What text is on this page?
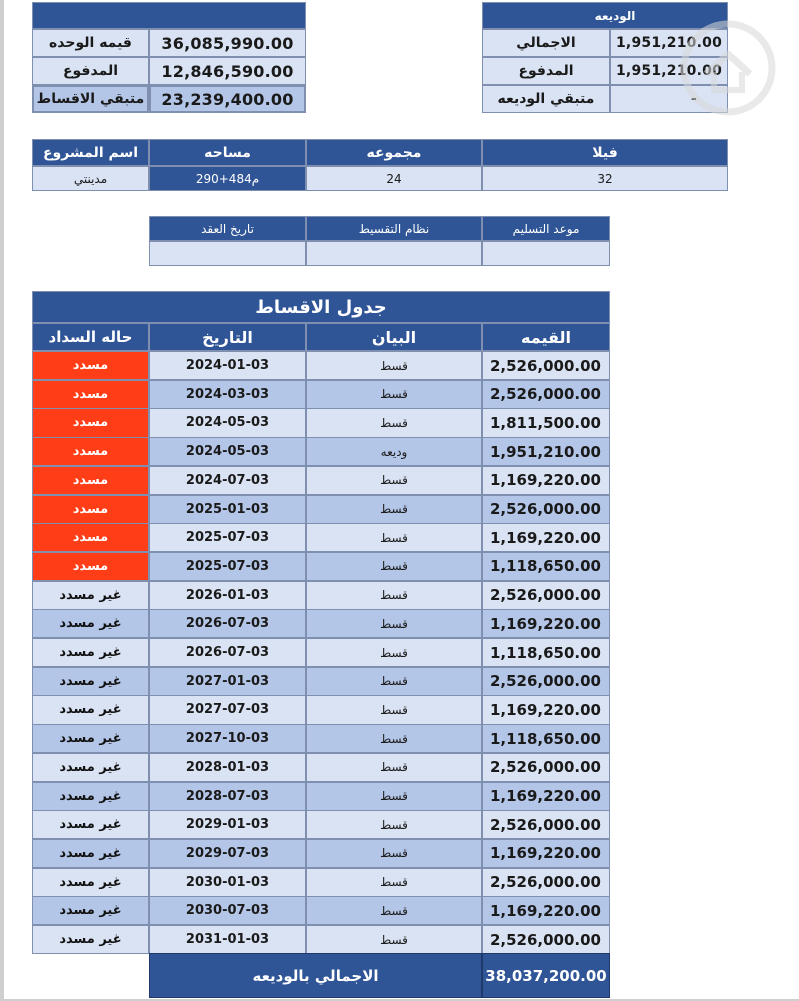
36,085,990.00
قيمه الوحده
12,846,590.00
المدفوع
23,239,400.00
متبقي الاقساط
الوديعه
1,951,210.00
الاجمالي
1,951,210.00
المدفوع
-
متبقي الوديعه
فيلا
مجموعه
مساحه
اسم المشروع
32
24
290+484م
مدينتي
موعد التسليم
نظام التقسيط
تاريخ العقد
جدول الاقساط
القيمه
البيان
التاريخ
حاله السداد
2,526,000.00
قسط
2024-01-03
مسدد
2,526,000.00
قسط
2024-03-03
مسدد
1,811,500.00
قسط
2024-05-03
مسدد
1,951,210.00
وديعه
2024-05-03
مسدد
1,169,220.00
قسط
2024-07-03
مسدد
2,526,000.00
قسط
2025-01-03
مسدد
1,169,220.00
قسط
2025-07-03
مسدد
1,118,650.00
قسط
2025-07-03
مسدد
2,526,000.00
قسط
2026-01-03
غير مسدد
1,169,220.00
قسط
2026-07-03
غير مسدد
1,118,650.00
قسط
2026-07-03
غير مسدد
2,526,000.00
قسط
2027-01-03
غير مسدد
1,169,220.00
قسط
2027-07-03
غير مسدد
1,118,650.00
قسط
2027-10-03
غير مسدد
2,526,000.00
قسط
2028-01-03
غير مسدد
1,169,220.00
قسط
2028-07-03
غير مسدد
2,526,000.00
قسط
2029-01-03
غير مسدد
1,169,220.00
قسط
2029-07-03
غير مسدد
2,526,000.00
قسط
2030-01-03
غير مسدد
1,169,220.00
قسط
2030-07-03
غير مسدد
2,526,000.00
قسط
2031-01-03
غير مسدد
الاجمالي بالوديعه	38,037,200.00
